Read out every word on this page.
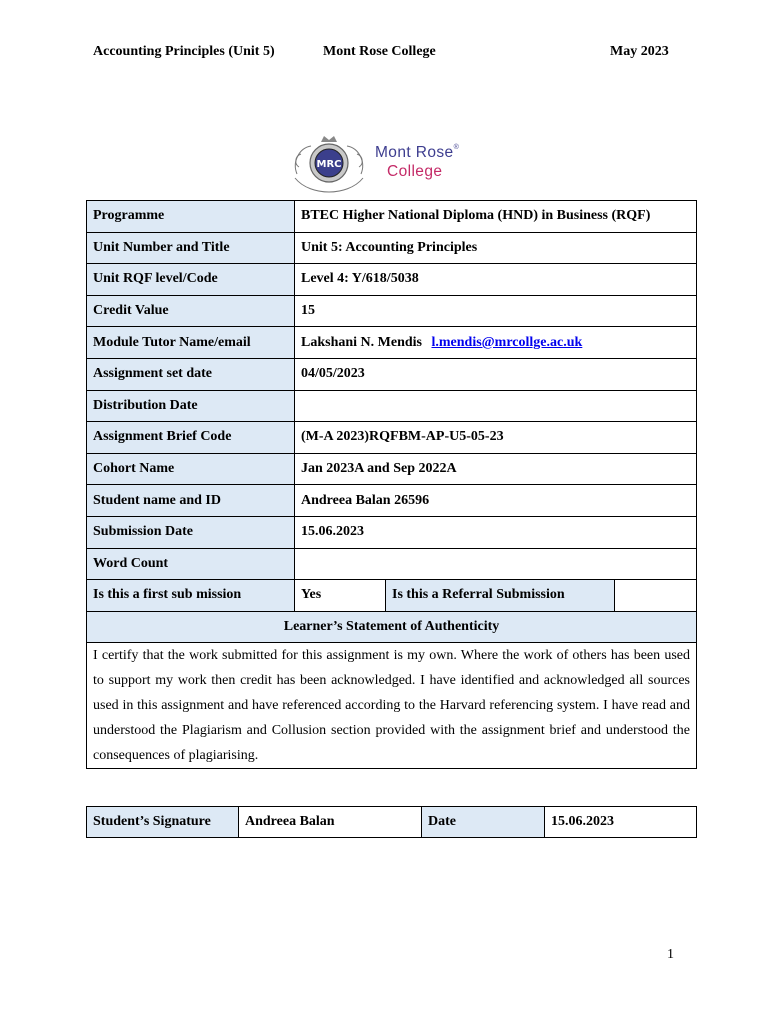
Accounting Principles (Unit 5)	Mont Rose College	May 2023
MRC
Mont Rose®
College
Programme	BTEC Higher National Diploma (HND) in Business (RQF)		
Unit Number and Title	Unit 5: Accounting Principles		
Unit RQF level/Code	Level 4: Y/618/5038		
Credit Value	15		
Module Tutor Name/email	Lakshani N. Mendis l.mendis@mrcollge.ac.uk		
Assignment set date	04/05/2023		
Distribution Date			
Assignment Brief Code	(M-A 2023)RQFBM-AP-U5-05-23		
Cohort Name	Jan 2023A and Sep 2022A		
Student name and ID	Andreea Balan 26596		
Submission Date	15.06.2023		
Word Count			
Is this a first sub mission	Yes	Is this a Referral Submission	
Learner’s Statement of Authenticity			
I certify that the work submitted for this assignment is my own. Where the work of others has been used to support my work then credit has been acknowledged. I have identified and acknowledged all sources used in this assignment and have referenced according to the Harvard referencing system. I have read and understood the Plagiarism and Collusion section provided with the assignment brief and understood the consequences of plagiarising.			
Student’s Signature	Andreea Balan	Date	15.06.2023
1
